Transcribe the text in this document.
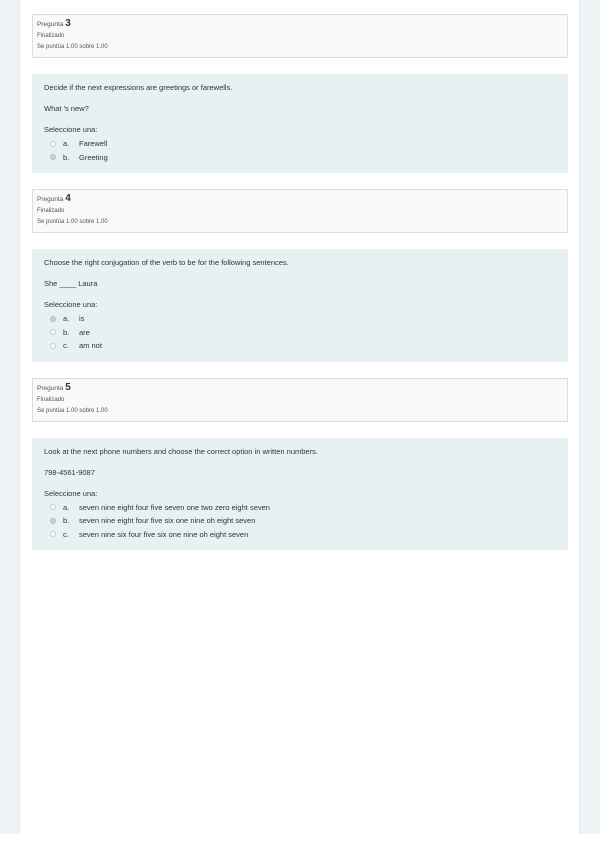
Pregunta 3
Finalizado
Se puntúa 1.00 sobre 1.00
Decide if the next expressions are greetings or farewells.
What 's new?
Seleccione una:
a.	Farewell
b.	Greeting
Pregunta 4
Finalizado
Se puntúa 1.00 sobre 1.00
Choose the right conjugation of the verb to be for the following sentences.
She ____ Laura
Seleccione una:
a.	is
b.	are
c.	am not
Pregunta 5
Finalizado
Se puntúa 1.00 sobre 1.00
Look at the next phone numbers and choose the correct option in written numbers.
798-4561-9087
Seleccione una:
a.	seven nine eight four five seven one two zero eight seven
b.	seven nine eight four five six one nine oh eight seven
c.	seven nine six four five six one nine oh eight seven
